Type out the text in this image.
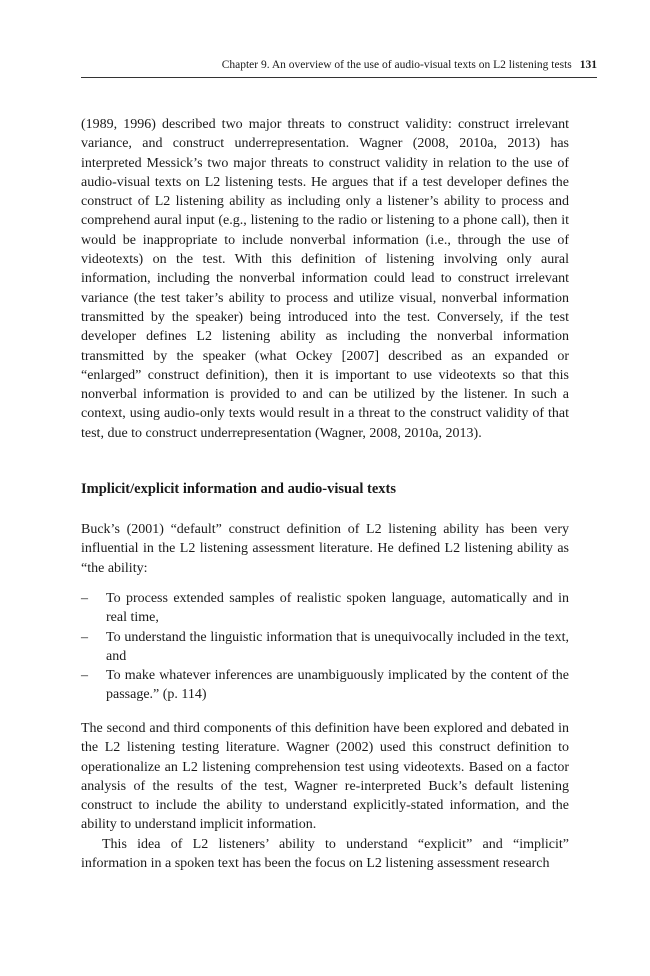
Chapter 9. An overview of the use of audio-visual texts on L2 listening tests 131

(1989, 1996) described two major threats to construct validity: construct irrelevant variance, and construct underrepresentation. Wagner (2008, 2010a, 2013) has interpreted Messick’s two major threats to construct validity in relation to the use of audio-visual texts on L2 listening tests. He argues that if a test developer defines the construct of L2 listening ability as including only a listener’s ability to process and comprehend aural input (e.g., listening to the radio or listening to a phone call), then it would be inappropriate to include nonverbal information (i.e., through the use of videotexts) on the test. With this definition of listening involving only aural information, including the nonverbal information could lead to construct irrelevant variance (the test taker’s ability to process and utilize visual, nonverbal information transmitted by the speaker) being introduced into the test. Conversely, if the test developer defines L2 listening ability as including the nonverbal information transmitted by the speaker (what Ockey [2007] described as an expanded or “enlarged” construct definition), then it is important to use videotexts so that this nonverbal information is provided to and can be utilized by the listener. In such a context, using audio-only texts would result in a threat to the construct validity of that test, due to construct underrepresentation (Wagner, 2008, 2010a, 2013).

Implicit/explicit information and audio-visual texts

Buck’s (2001) “default” construct definition of L2 listening ability has been very influential in the L2 listening assessment literature. He defined L2 listening ability as “the ability:

– To process extended samples of realistic spoken language, automatically and in real time,
– To understand the linguistic information that is unequivocally included in the text, and
– To make whatever inferences are unambiguously implicated by the content of the passage.” (p. 114)

The second and third components of this definition have been explored and debated in the L2 listening testing literature. Wagner (2002) used this construct definition to operationalize an L2 listening comprehension test using videotexts. Based on a factor analysis of the results of the test, Wagner re-interpreted Buck’s default listening construct to include the ability to understand explicitly-stated information, and the ability to understand implicit information.

This idea of L2 listeners’ ability to understand “explicit” and “implicit” information in a spoken text has been the focus on L2 listening assessment research
